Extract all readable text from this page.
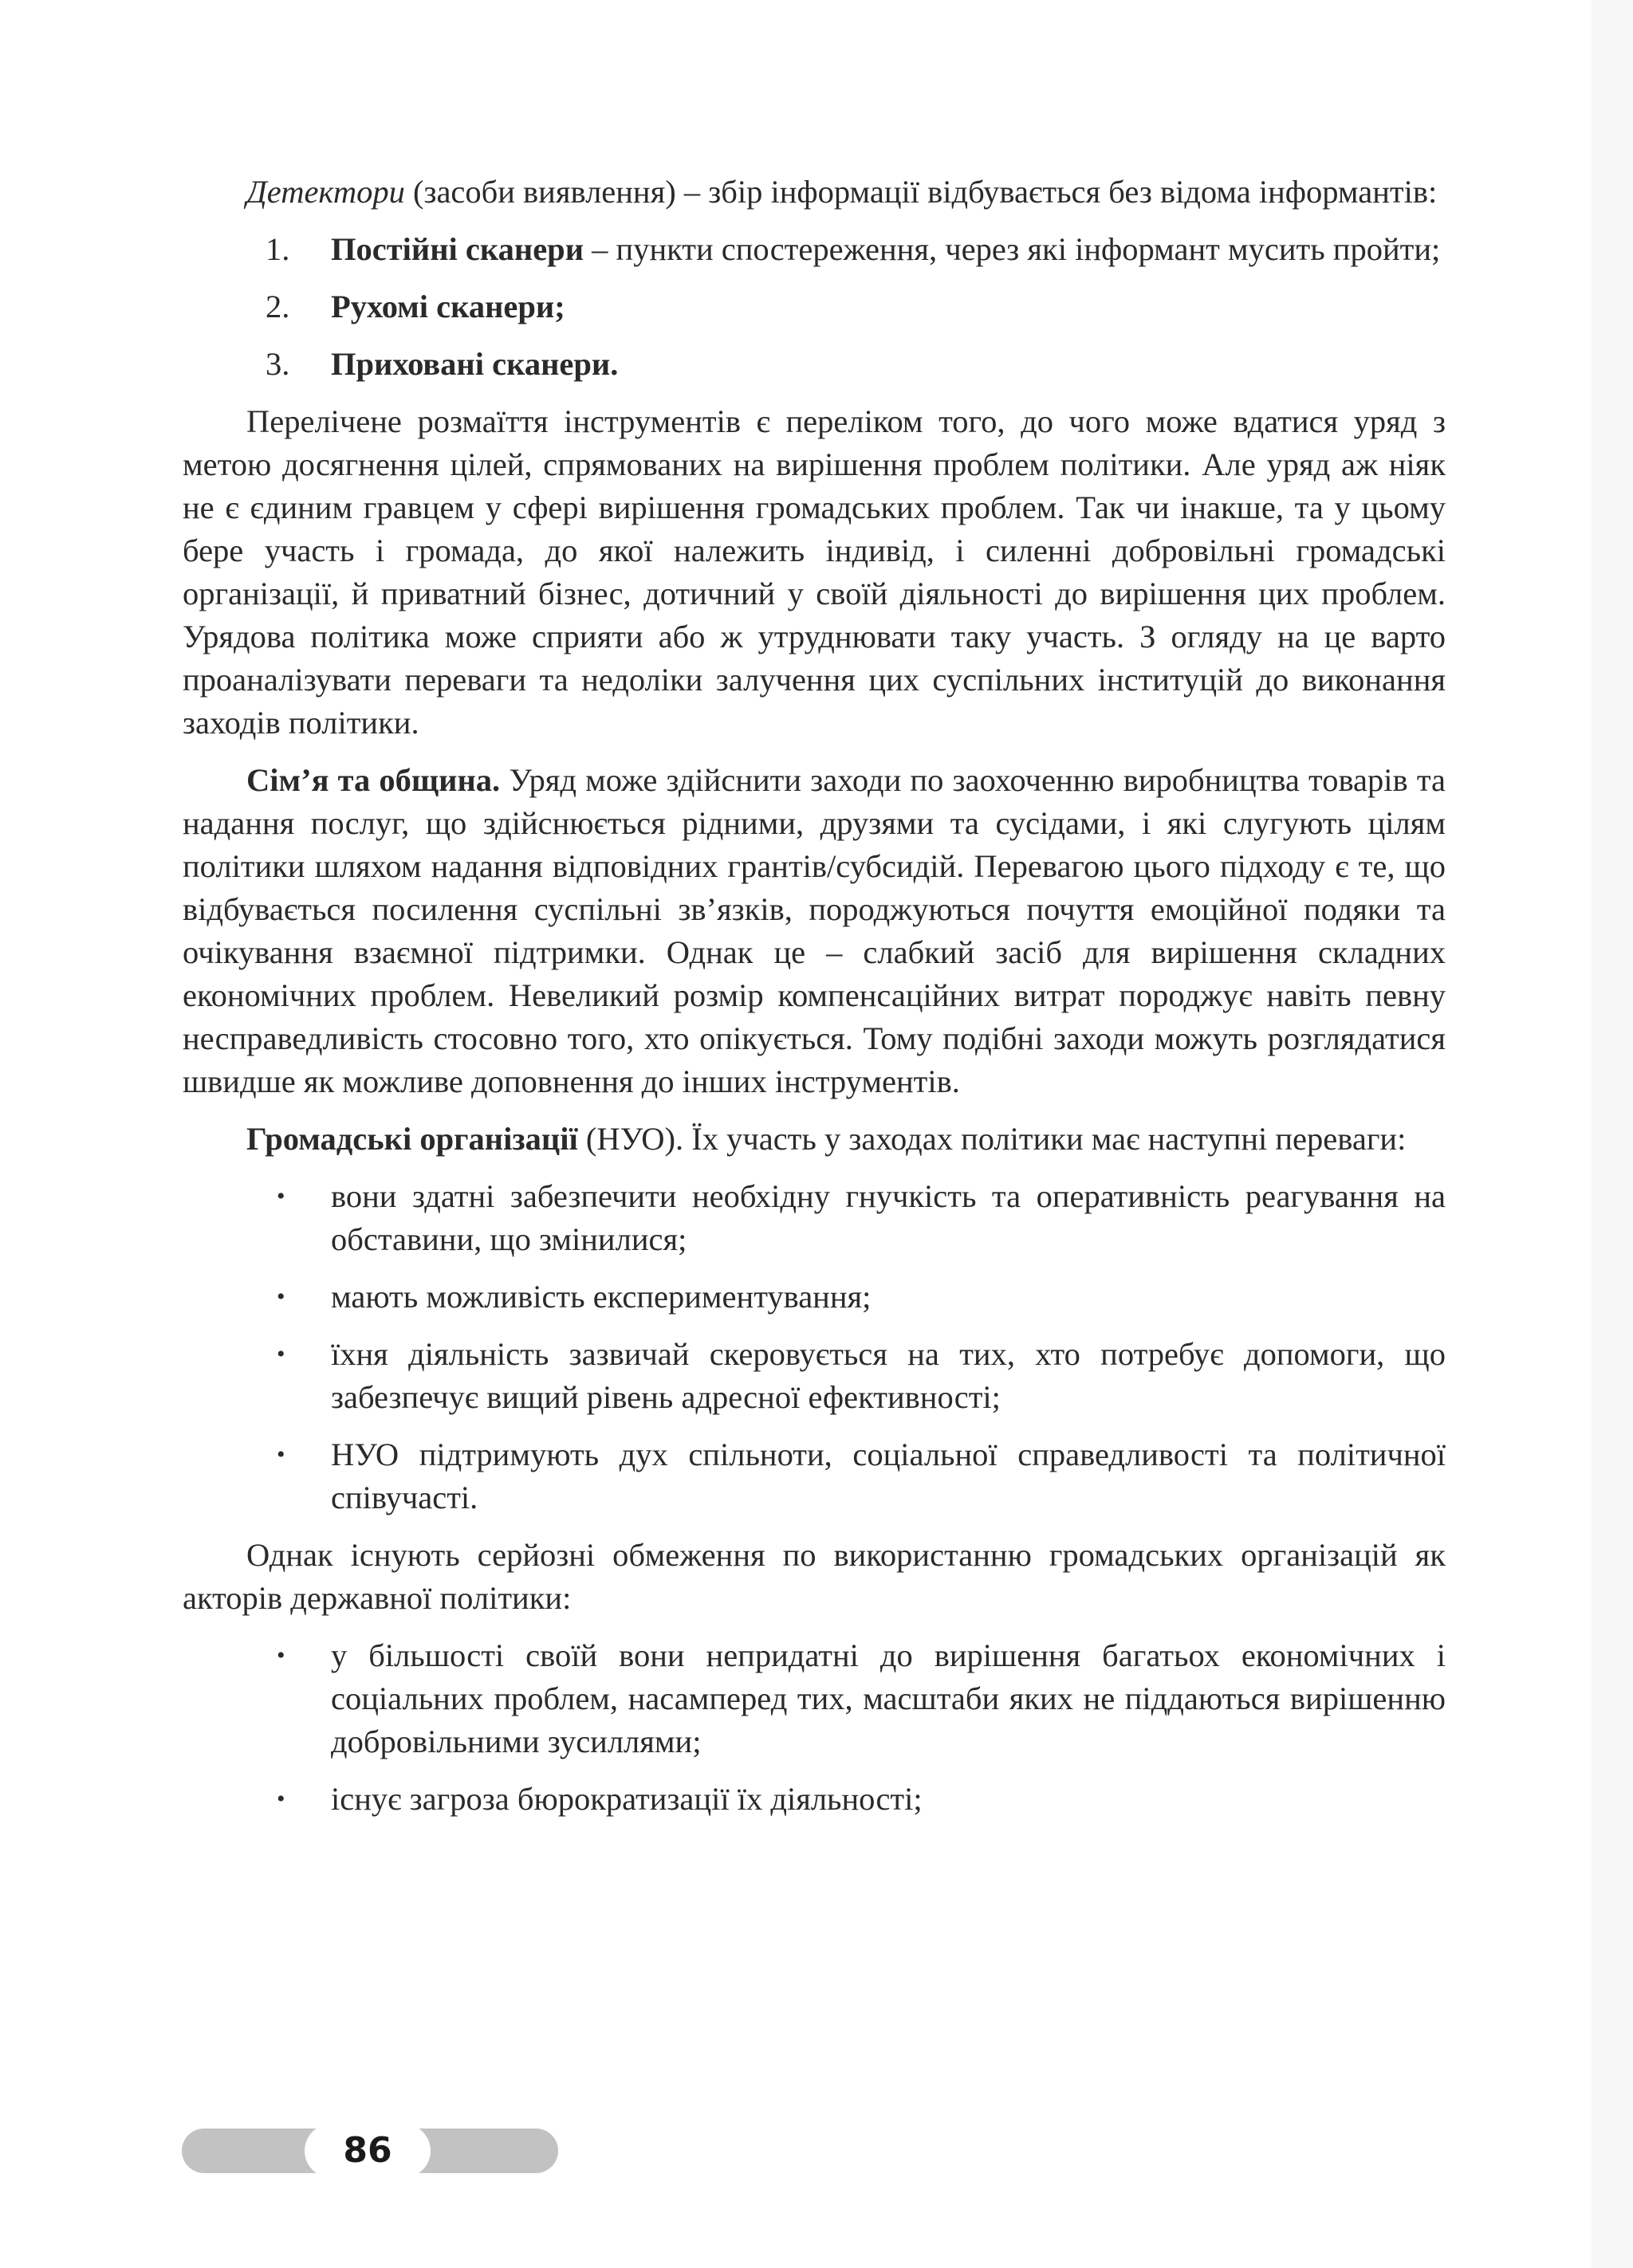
Детектори (засоби виявлення) – збір інформації відбувається без відома інформантів:

1. Постійні сканери – пункти спостереження, через які інформант мусить пройти;
2. Рухомі сканери;
3. Приховані сканери.

Перелічене розмаїття інструментів є переліком того, до чого може вдатися уряд з метою досягнення цілей, спрямованих на вирішення проблем політики. Але уряд аж ніяк не є єдиним гравцем у сфері вирішення громадських проблем. Так чи інакше, та у цьому бере участь і громада, до якої належить індивід, і силенні добровільні громадські організації, й приватний бізнес, дотичний у своїй діяльності до вирішення цих проблем. Урядова політика може сприяти або ж утруднювати таку участь. З огляду на це варто проаналізувати переваги та недоліки залучення цих суспільних інституцій до виконання заходів політики.

Сім’я та община. Уряд може здійснити заходи по заохоченню виробництва товарів та надання послуг, що здійснюється рідними, друзями та сусідами, і які слугують цілям політики шляхом надання відповідних грантів/субсидій. Перевагою цього підходу є те, що відбувається посилення суспільні зв’язків, породжуються почуття емоційної подяки та очікування взаємної підтримки. Однак це – слабкий засіб для вирішення складних економічних проблем. Невеликий розмір компенсаційних витрат породжує навіть певну несправедливість стосовно того, хто опікується. Тому подібні заходи можуть розглядатися швидше як можливе доповнення до інших інструментів.

Громадські організації (НУО). Їх участь у заходах політики має наступні переваги:

• вони здатні забезпечити необхідну гнучкість та оперативність реагування на обставини, що змінилися;
• мають можливість експериментування;
• їхня діяльність зазвичай скеровується на тих, хто потребує допомоги, що забезпечує вищий рівень адресної ефективності;
• НУО підтримують дух спільноти, соціальної справедливості та політичної співучасті.

Однак існують серйозні обмеження по використанню громадських організацій як акторів державної політики:

• у більшості своїй вони непридатні до вирішення багатьох економічних і соціальних проблем, насамперед тих, масштаби яких не піддаються вирішенню добровільними зусиллями;
• існує загроза бюрократизації їх діяльності;
86
